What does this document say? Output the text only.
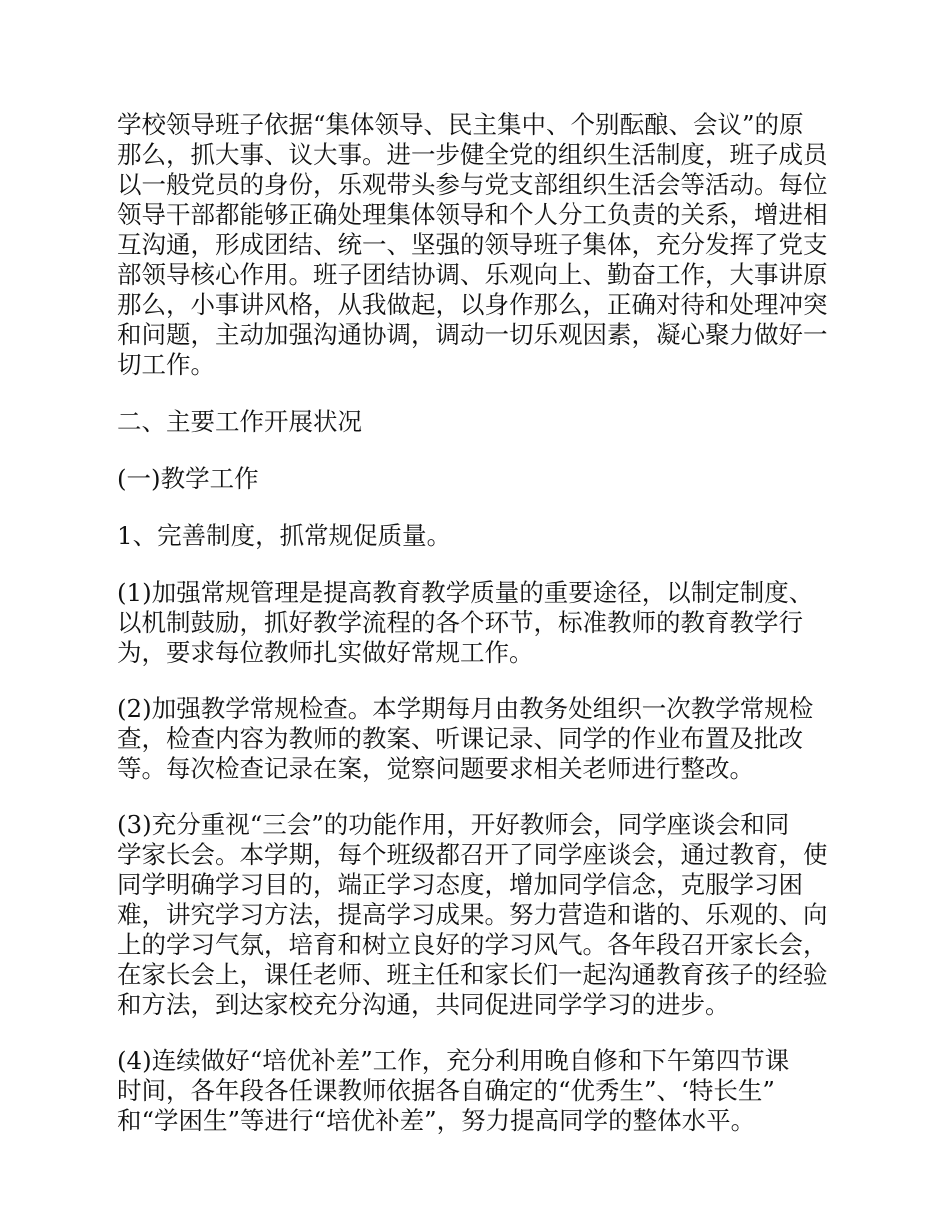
学校领导班子依据“集体领导、民主集中、个别酝酿、会议”的原
那么，抓大事、议大事。进一步健全党的组织生活制度，班子成员
以一般党员的身份，乐观带头参与党支部组织生活会等活动。每位
领导干部都能够正确处理集体领导和个人分工负责的关系，增进相
互沟通，形成团结、统一、坚强的领导班子集体，充分发挥了党支
部领导核心作用。班子团结协调、乐观向上、勤奋工作，大事讲原
那么，小事讲风格，从我做起，以身作那么，正确对待和处理冲突
和问题，主动加强沟通协调，调动一切乐观因素，凝心聚力做好一
切工作。

二、主要工作开展状况

(一)教学工作

1、完善制度，抓常规促质量。

(1)加强常规管理是提高教育教学质量的重要途径，以制定制度、
以机制鼓励，抓好教学流程的各个环节，标准教师的教育教学行
为，要求每位教师扎实做好常规工作。

(2)加强教学常规检查。本学期每月由教务处组织一次教学常规检
查，检查内容为教师的教案、听课记录、同学的作业布置及批改
等。每次检查记录在案，觉察问题要求相关老师进行整改。

(3)充分重视“三会”的功能作用，开好教师会，同学座谈会和同
学家长会。本学期，每个班级都召开了同学座谈会，通过教育，使
同学明确学习目的，端正学习态度，增加同学信念，克服学习困
难，讲究学习方法，提高学习成果。努力营造和谐的、乐观的、向
上的学习气氛，培育和树立良好的学习风气。各年段召开家长会，
在家长会上，课任老师、班主任和家长们一起沟通教育孩子的经验
和方法，到达家校充分沟通，共同促进同学学习的进步。

(4)连续做好“培优补差”工作，充分利用晚自修和下午第四节课
时间，各年段各任课教师依据各自确定的“优秀生”、‘特长生”
和“学困生”等进行“培优补差”，努力提高同学的整体水平。
